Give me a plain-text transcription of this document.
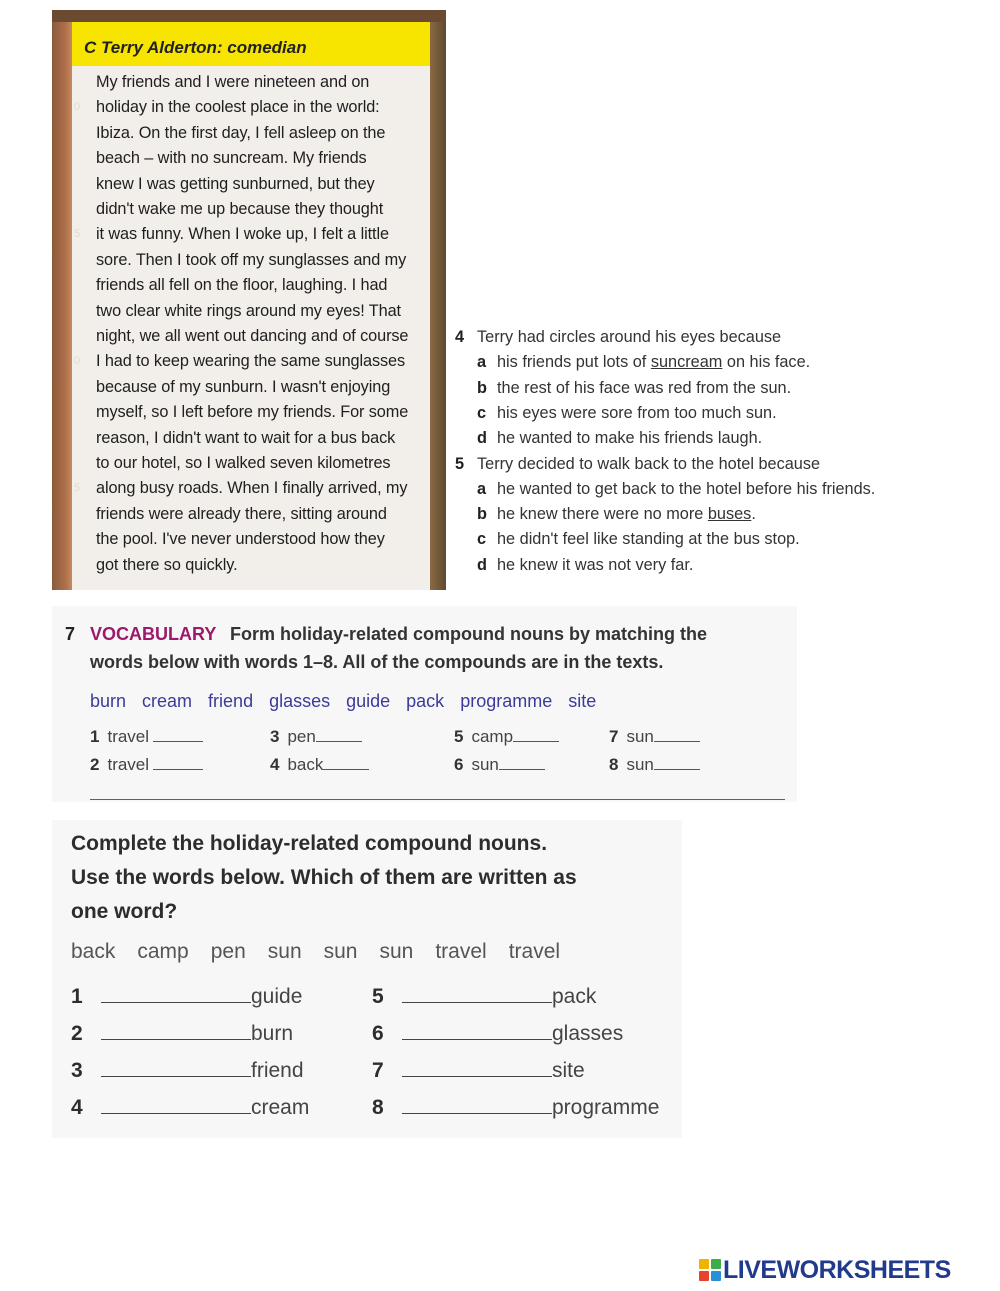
C Terry Alderton: comedian
My friends and I were nineteen and on
holiday in the coolest place in the world:
Ibiza. On the first day, I fell asleep on the
beach – with no suncream. My friends
knew I was getting sunburned, but they
didn't wake me up because they thought
it was funny. When I woke up, I felt a little
sore. Then I took off my sunglasses and my
friends all fell on the floor, laughing. I had
two clear white rings around my eyes! That
night, we all went out dancing and of course
I had to keep wearing the same sunglasses
because of my sunburn. I wasn't enjoying
myself, so I left before my friends. For some
reason, I didn't want to wait for a bus back
to our hotel, so I walked seven kilometres
along busy roads. When I finally arrived, my
friends were already there, sitting around
the pool. I've never understood how they
got there so quickly.
0
5
0
5
4 Terry had circles around his eyes because
a his friends put lots of suncream on his face.
b the rest of his face was red from the sun.
c his eyes were sore from too much sun.
d he wanted to make his friends laugh.
5 Terry decided to walk back to the hotel because
a he wanted to get back to the hotel before his friends.
b he knew there were no more buses.
c he didn't feel like standing at the bus stop.
d he knew it was not very far.
7 VOCABULARY Form holiday-related compound nouns by matching the
words below with words 1–8. All of the compounds are in the texts.
burn cream friend glasses guide pack programme site
1 travel
2 travel
3 pen
4 back
5 camp
6 sun
7 sun
8 sun
Complete the holiday-related compound nouns.
Use the words below. Which of them are written as
one word?
back camp pen sun sun sun travel travel
1	guide
2	burn
3	friend
4	cream
5	pack
6	glasses
7	site
8	programme
LIVEWORKSHEETS
